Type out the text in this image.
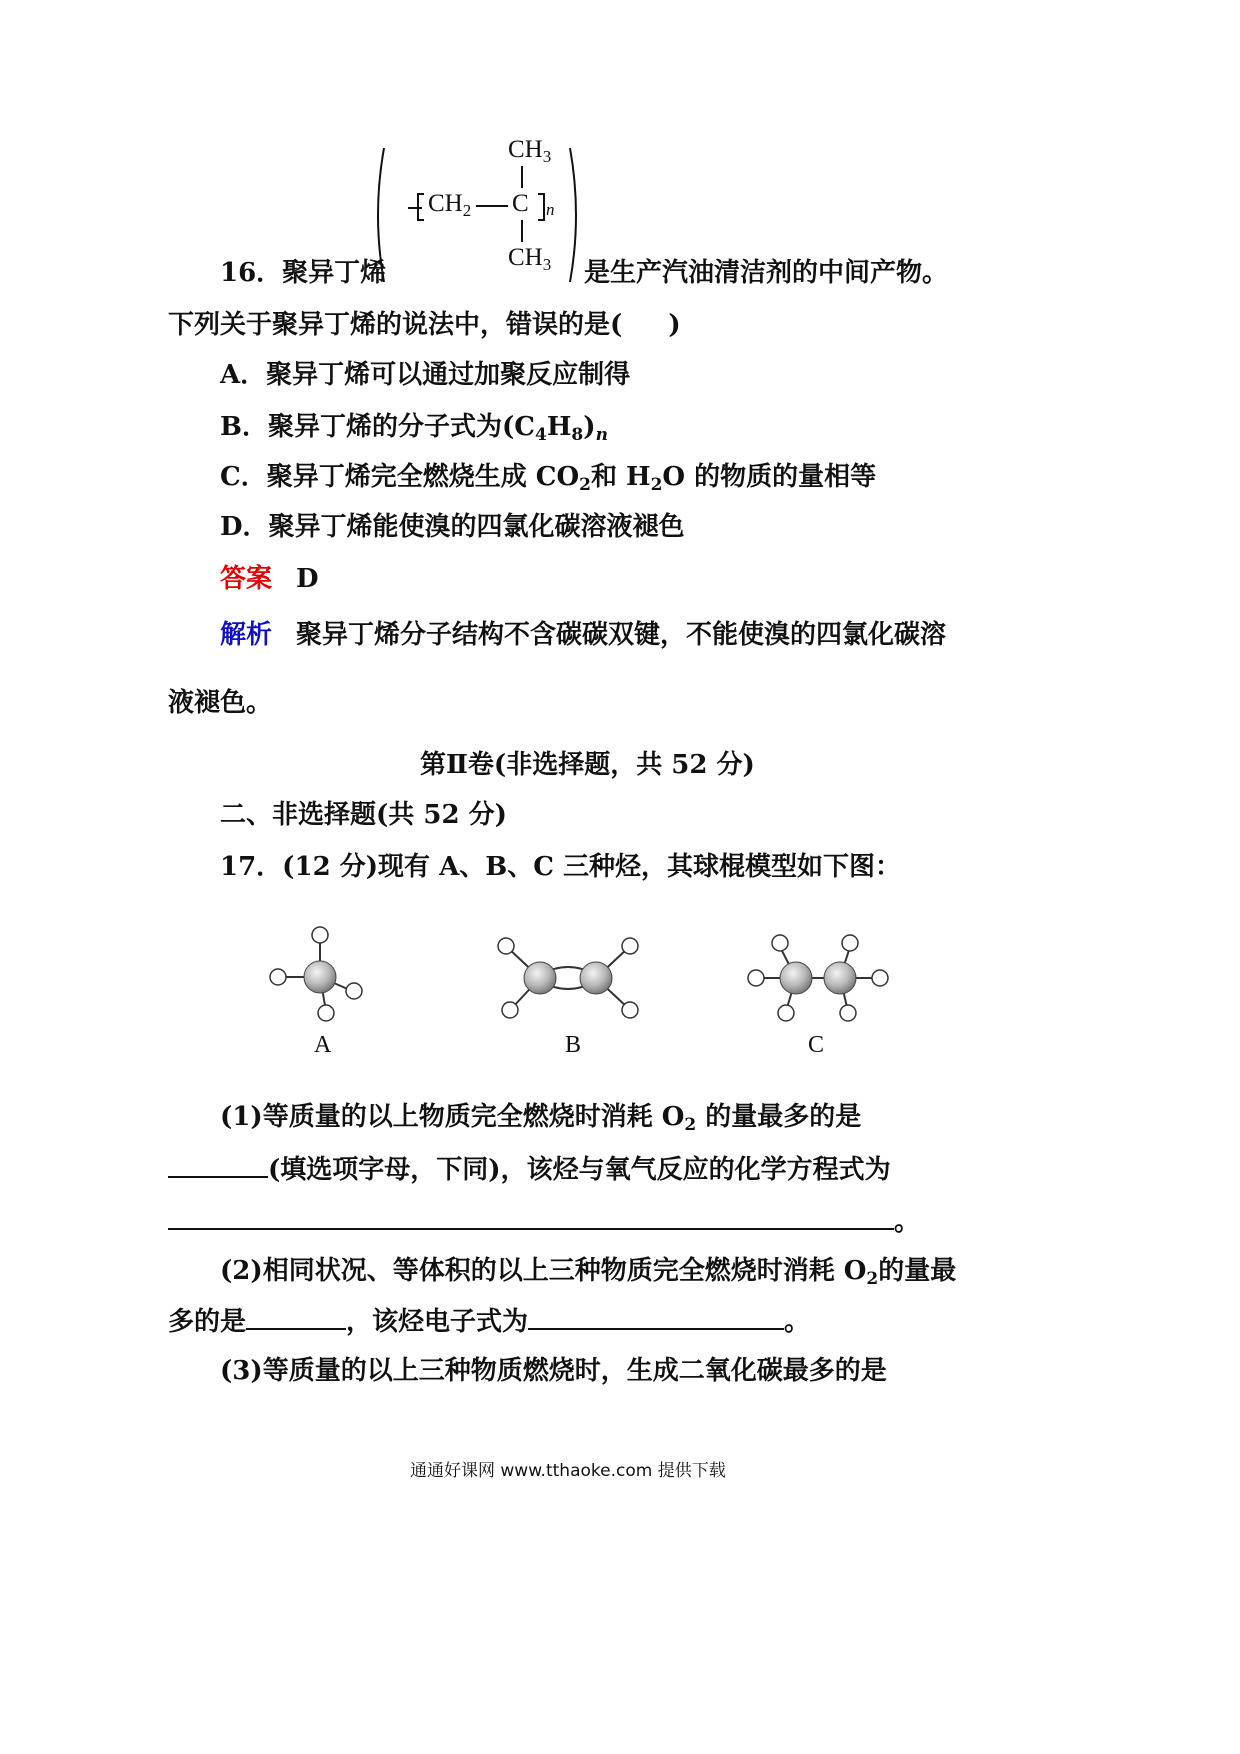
$CH_3$
$CH_2$ C n
$CH_3$
16．聚异丁烯	是生产汽油清洁剂的中间产物。
下列关于聚异丁烯的说法中，错误的是( )
A．聚异丁烯可以通过加聚反应制得
B．聚异丁烯的分子式为$(C_4H_8)_n$
C．聚异丁烯完全燃烧生成 $CO_2$和 $H_2O$ 的物质的量相等
D．聚异丁烯能使溴的四氯化碳溶液褪色
答案 D
解析 聚异丁烯分子结构不含碳碳双键，不能使溴的四氯化碳溶
液褪色。
第Ⅱ卷(非选择题，共 52 分)
二、非选择题(共 52 分)
17．(12 分)现有 A、B、C 三种烃，其球棍模型如下图：
A	B	C
(1)等质量的以上物质完全燃烧时消耗 $O_2$ 的量最多的是
(填选项字母，下同)，该烃与氧气反应的化学方程式为
。
(2)相同状况、等体积的以上三种物质完全燃烧时消耗 $O_2$的量最
多的是	，该烃电子式为	。
(3)等质量的以上三种物质燃烧时，生成二氧化碳最多的是
通通好课网 www.tthaoke.com 提供下载
